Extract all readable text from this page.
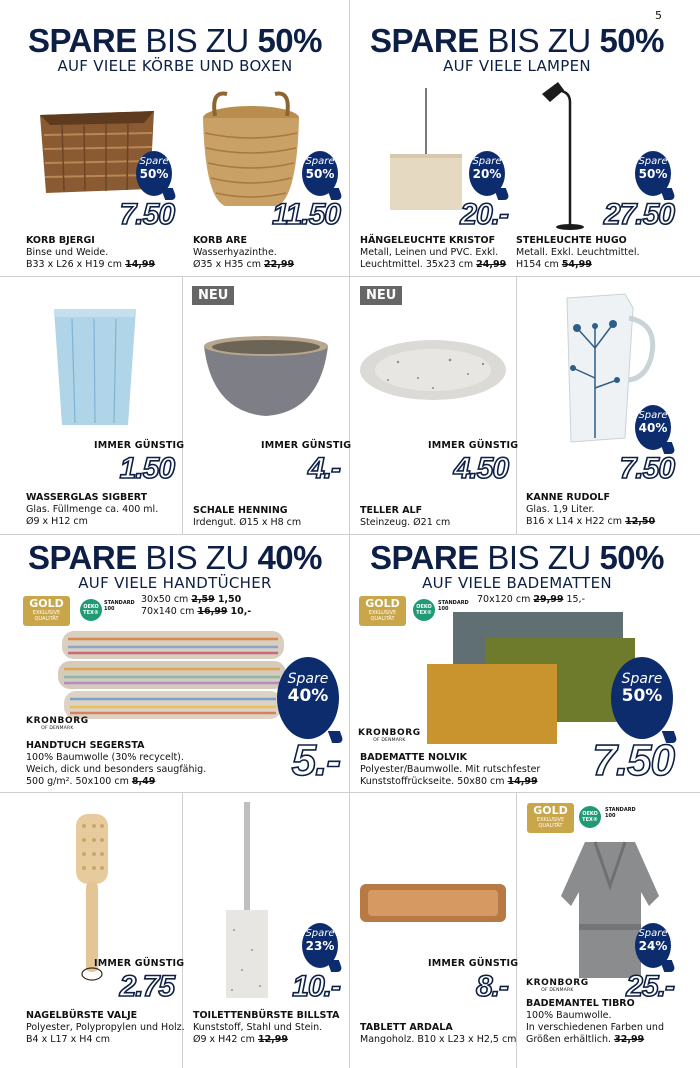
5
SPARE BIS ZU 50%
AUF VIELE KÖRBE UND BOXEN
SPARE BIS ZU 50%
AUF VIELE LAMPEN
SPARE BIS ZU 40%
AUF VIELE HANDTÜCHER
SPARE BIS ZU 50%
AUF VIELE BADEMATTEN
Spare
50%
7.50
KORB BJERGI
Binse und Weide.
B33 x L26 x H19 cm 14,99
Spare
50%
11.50
KORB ARE
Wasserhyazinthe.
Ø35 x H35 cm 22,99
Spare
20%
20.-
HÄNGELEUCHTE KRISTOF
Metall, Leinen und PVC. Exkl.
Leuchtmittel. 35x23 cm 24,99
Spare
50%
27.50
STEHLEUCHTE HUGO
Metall. Exkl. Leuchtmittel.
H154 cm 54,99
IMMER GÜNSTIG
1.50
WASSERGLAS SIGBERT
Glas. Füllmenge ca. 400 ml.
Ø9 x H12 cm
NEU
IMMER GÜNSTIG
4.-
SCHALE HENNING
Irdengut. Ø15 x H8 cm
NEU
IMMER GÜNSTIG
4.50
TELLER ALF
Steinzeug. Ø21 cm
Spare
40%
7.50
KANNE RUDOLF
Glas. 1,9 Liter.
B16 x L14 x H22 cm 12,50
GOLD
EXKLUSIVE
QUALITÄT
OEKO
TEX®
STANDARD
100
30x50 cm 2,59 1,50
70x140 cm 16,99 10,-
Spare
40%
KRONBORG
OF DENMARK
HANDTUCH SEGERSTA
100% Baumwolle (30% recycelt).
Weich, dick und besonders saugfähig.
500 g/m². 50x100 cm 8,49	5.-
GOLD
EXKLUSIVE
QUALITÄT
OEKO
TEX®
STANDARD
100
70x120 cm 29,99 15,-
Spare
50%
KRONBORG
OF DENMARK
BADEMATTE NOLVIK
Polyester/Baumwolle. Mit rutschfester
Kunststoffrückseite. 50x80 cm 14,99 7.50
IMMER GÜNSTIG
2.75
NAGELBÜRSTE VALJE
Polyester, Polypropylen und Holz.
B4 x L17 x H4 cm
Spare
23%
10.-
TOILETTENBÜRSTE BILLSTA
Kunststoff, Stahl und Stein.
Ø9 x H42 cm 12,99
IMMER GÜNSTIG
8.-
TABLETT ARDALA
Mangoholz. B10 x L23 x H2,5 cm
GOLD
EXKLUSIVE
QUALITÄT
OEKO
TEX®
STANDARD
100
Spare
24%
KRONBORG
OF DENMARK	25.-
BADEMANTEL TIBRO
100% Baumwolle.
In verschiedenen Farben und
Größen erhältlich. 32,99
